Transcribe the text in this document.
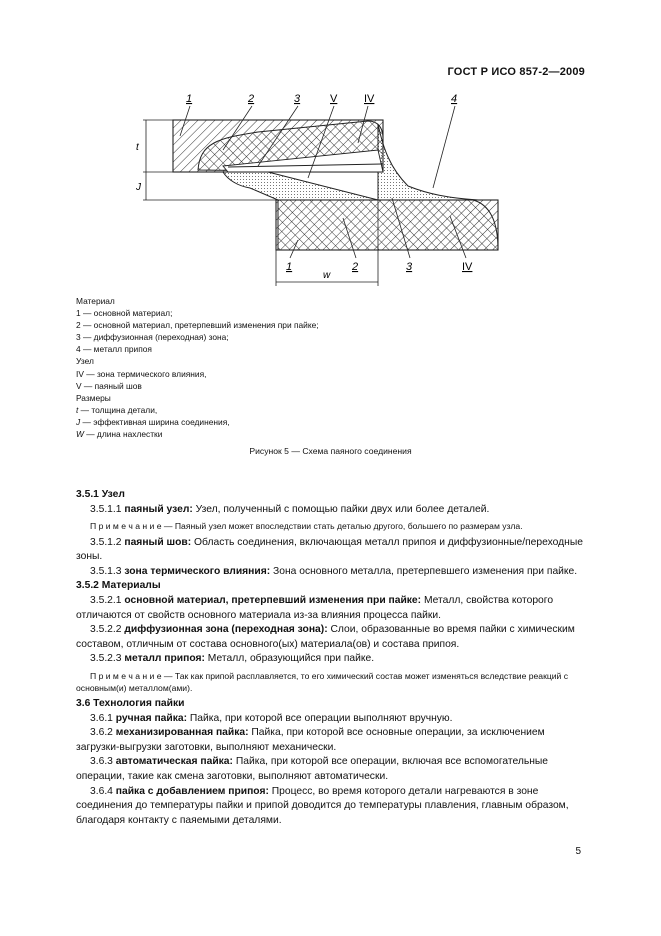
ГОСТ Р ИСО 857-2—2009
t
J
w
1	2	3	V IV	4
1	2	3	IV
Материал
1 — основной материал;
2 — основной материал, претерпевший изменения при пайке;
3 — диффузионная (переходная) зона;
4 — металл припоя
Узел
IV — зона термического влияния,
V — паяный шов
Размеры
t — толщина детали,
J — эффективная ширина соединения,
W — длина нахлестки
Рисунок 5 — Схема паяного соединения

3.5.1 Узел

3.5.1.1 паяный узел: Узел, полученный с помощью пайки двух или более деталей.

П р и м е ч а н и е — Паяный узел может впоследствии стать деталью другого, большего по размерам узла.

3.5.1.2 паяный шов: Область соединения, включающая металл припоя и диффузионные/переходные зоны.

3.5.1.3 зона термического влияния: Зона основного металла, претерпевшего изменения при пайке.

3.5.2 Материалы

3.5.2.1 основной материал, претерпевший изменения при пайке: Металл, свойства которого отличаются от свойств основного материала из-за влияния процесса пайки.

3.5.2.2 диффузионная зона (переходная зона): Слои, образованные во время пайки с химическим составом, отличным от состава основного(ых) материала(ов) и состава припоя.

3.5.2.3 металл припоя: Металл, образующийся при пайке.

П р и м е ч а н и е — Так как припой расплавляется, то его химический состав может изменяться вследствие реакций с основным(и) металлом(ами).

3.6 Технология пайки

3.6.1 ручная пайка: Пайка, при которой все операции выполняют вручную.

3.6.2 механизированная пайка: Пайка, при которой все основные операции, за исключением загрузки-выгрузки заготовки, выполняют механически.

3.6.3 автоматическая пайка: Пайка, при которой все операции, включая все вспомогательные операции, такие как смена заготовки, выполняют автоматически.

3.6.4 пайка с добавлением припоя: Процесс, во время которого детали нагреваются в зоне соединения до температуры пайки и припой доводится до температуры плавления, главным образом, благодаря контакту с паяемыми деталями.

5
